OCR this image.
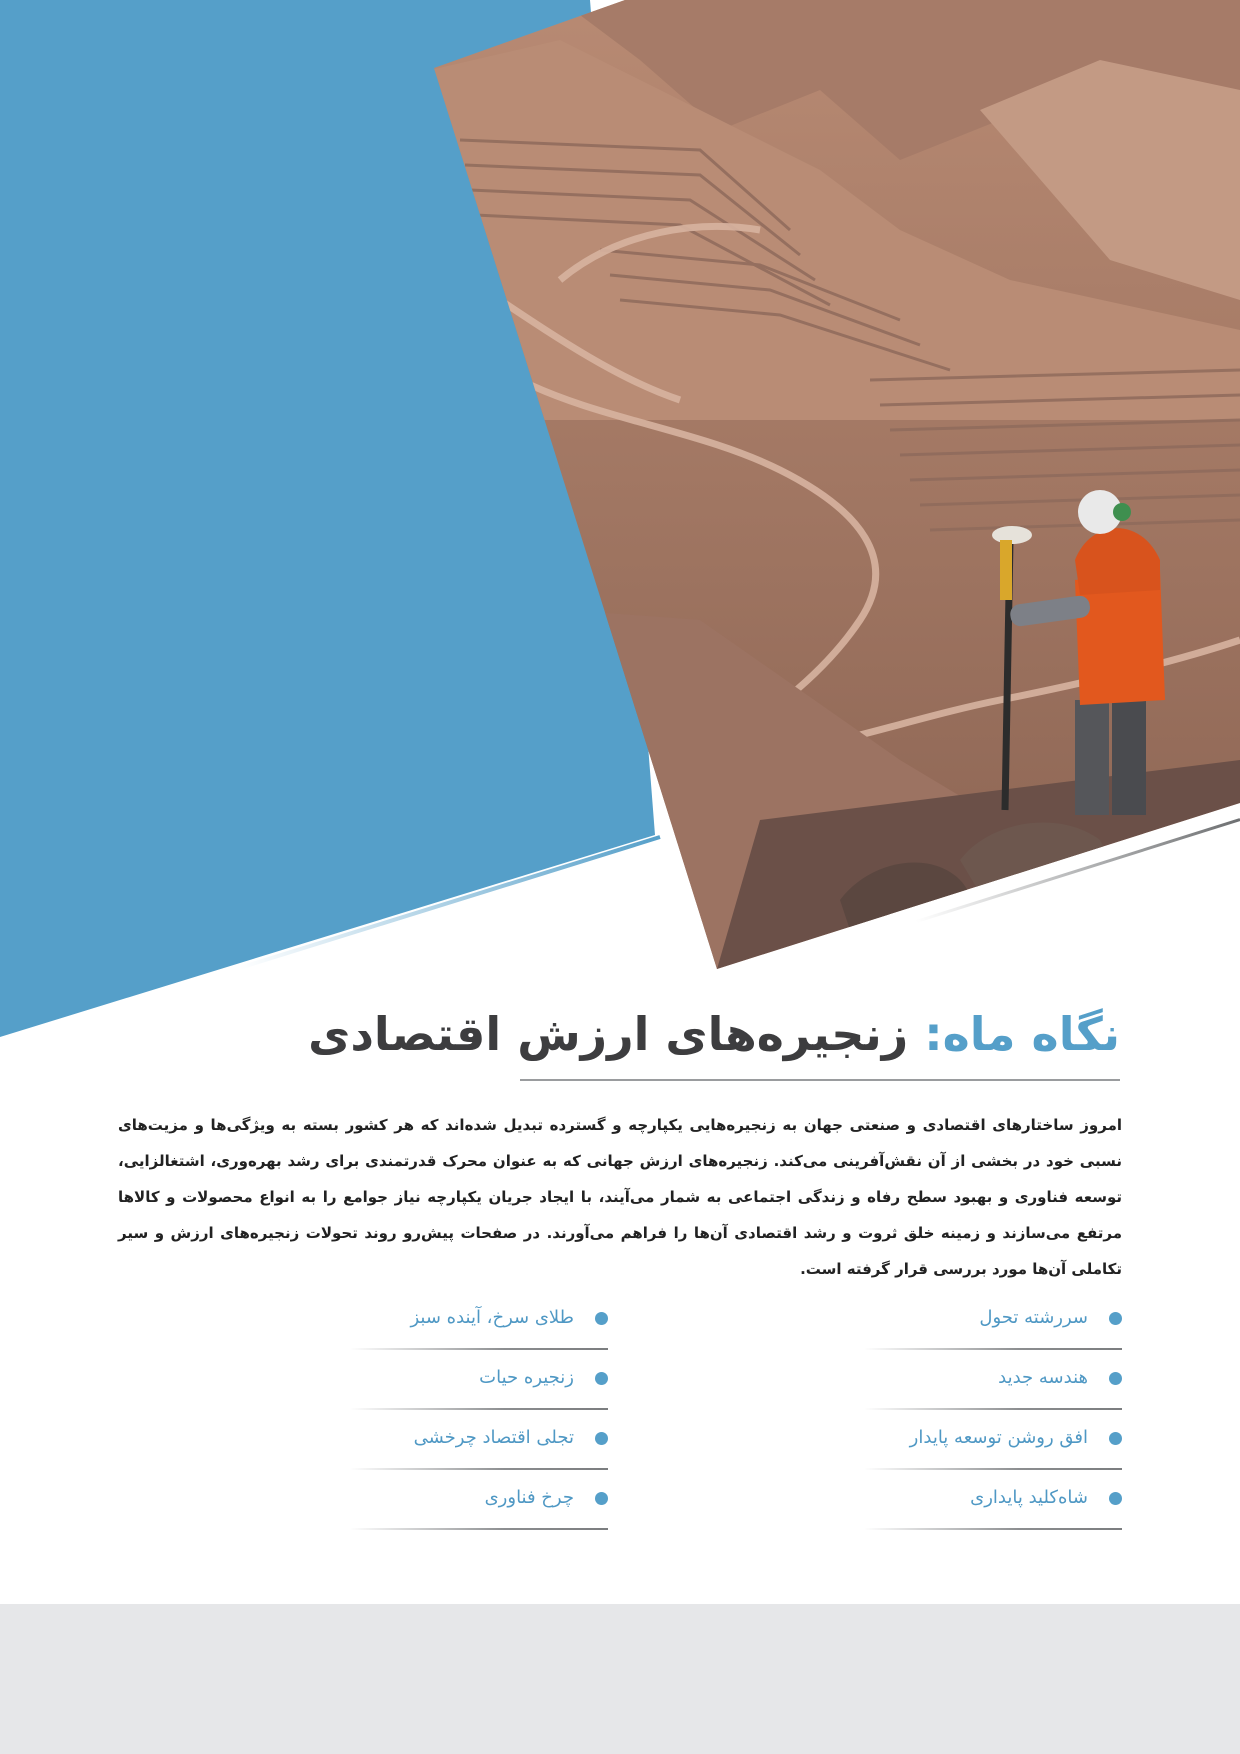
نگاه ماه: زنجیره‌های ارزش اقتصادی

امروز ساختارهای اقتصادی و صنعتی جهان به زنجیره‌هایی یکپارچه و گسترده تبدیل شده‌اند که هر کشور بسته به ویژگی‌ها و مزیت‌های نسبی خود در بخشی از آن نقش‌آفرینی می‌کند. زنجیره‌های ارزش جهانی که به عنوان محرک قدرتمندی برای رشد بهره‌وری، اشتغالزایی، توسعه فناوری و بهبود سطح رفاه و زندگی اجتماعی به شمار می‌آیند، با ایجاد جریان یکپارچه نیاز جوامع را به انواع محصولات و کالاها مرتفع می‌سازند و زمینه خلق ثروت و رشد اقتصادی آن‌ها را فراهم می‌آورند. در صفحات پیش‌رو روند تحولات زنجیره‌های ارزش و سیر تکاملی آن‌ها مورد بررسی قرار گرفته است.

سررشته تحول
هندسه جدید
افق روشن توسعه پایدار
شاه‌کلید پایداری
طلای سرخ، آینده سبز
زنجیره حیات
تجلی اقتصاد چرخشی
چرخ فناوری
